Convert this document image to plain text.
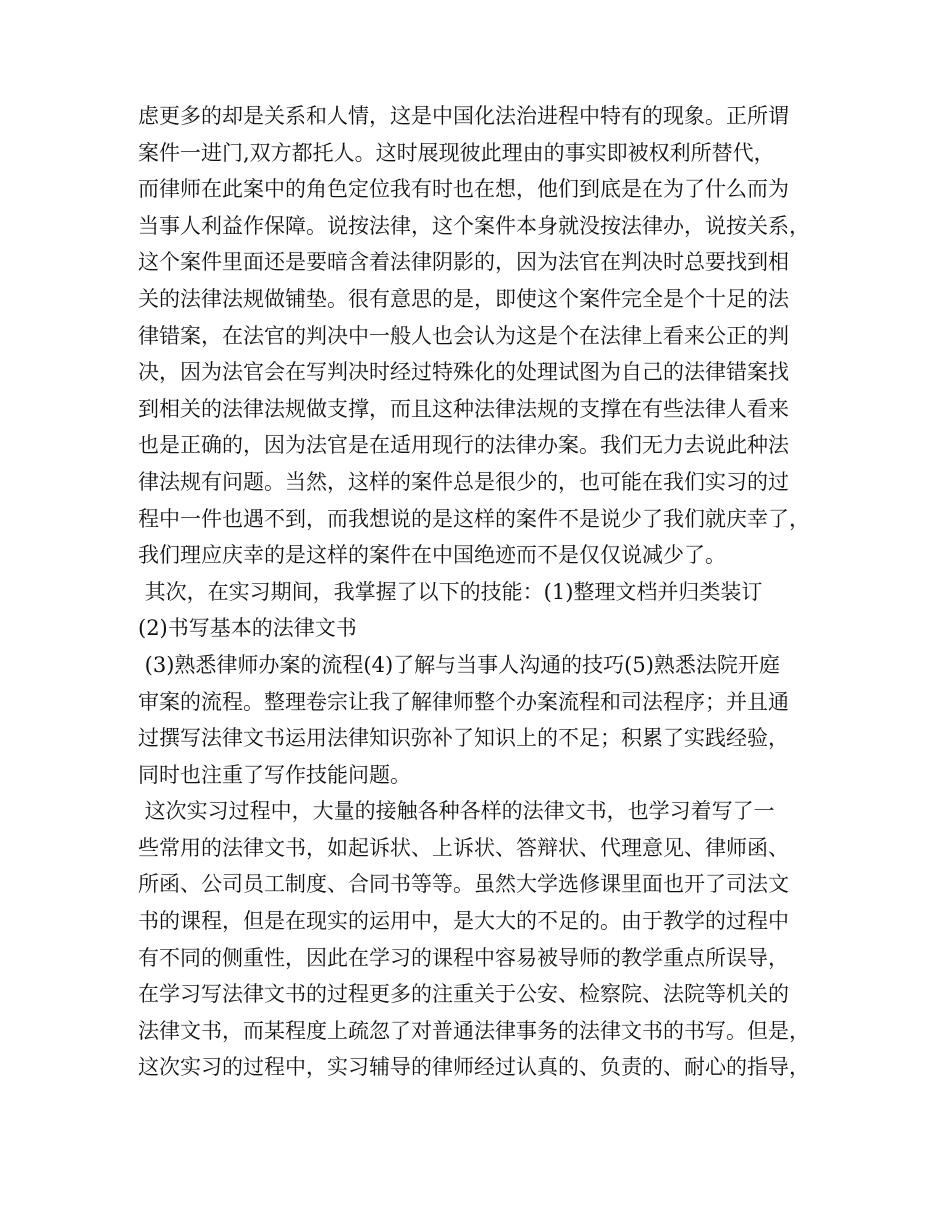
虑更多的却是关系和人情，这是中国化法治进程中特有的现象。正所谓
案件一进门,双方都托人。这时展现彼此理由的事实即被权利所替代，
而律师在此案中的角色定位我有时也在想，他们到底是在为了什么而为
当事人利益作保障。说按法律，这个案件本身就没按法律办，说按关系，
这个案件里面还是要暗含着法律阴影的，因为法官在判决时总要找到相
关的法律法规做铺垫。很有意思的是，即使这个案件完全是个十足的法
律错案，在法官的判决中一般人也会认为这是个在法律上看来公正的判
决，因为法官会在写判决时经过特殊化的处理试图为自己的法律错案找
到相关的法律法规做支撑，而且这种法律法规的支撑在有些法律人看来
也是正确的，因为法官是在适用现行的法律办案。我们无力去说此种法
律法规有问题。当然，这样的案件总是很少的，也可能在我们实习的过
程中一件也遇不到，而我想说的是这样的案件不是说少了我们就庆幸了，
我们理应庆幸的是这样的案件在中国绝迹而不是仅仅说减少了。
其次，在实习期间，我掌握了以下的技能：(1)整理文档并归类装订
(2)书写基本的法律文书
(3)熟悉律师办案的流程(4)了解与当事人沟通的技巧(5)熟悉法院开庭
审案的流程。整理卷宗让我了解律师整个办案流程和司法程序；并且通
过撰写法律文书运用法律知识弥补了知识上的不足；积累了实践经验，
同时也注重了写作技能问题。
这次实习过程中，大量的接触各种各样的法律文书，也学习着写了一
些常用的法律文书，如起诉状、上诉状、答辩状、代理意见、律师函、
所函、公司员工制度、合同书等等。虽然大学选修课里面也开了司法文
书的课程，但是在现实的运用中，是大大的不足的。由于教学的过程中
有不同的侧重性，因此在学习的课程中容易被导师的教学重点所误导，
在学习写法律文书的过程更多的注重关于公安、检察院、法院等机关的
法律文书，而某程度上疏忽了对普通法律事务的法律文书的书写。但是，
这次实习的过程中，实习辅导的律师经过认真的、负责的、耐心的指导，
